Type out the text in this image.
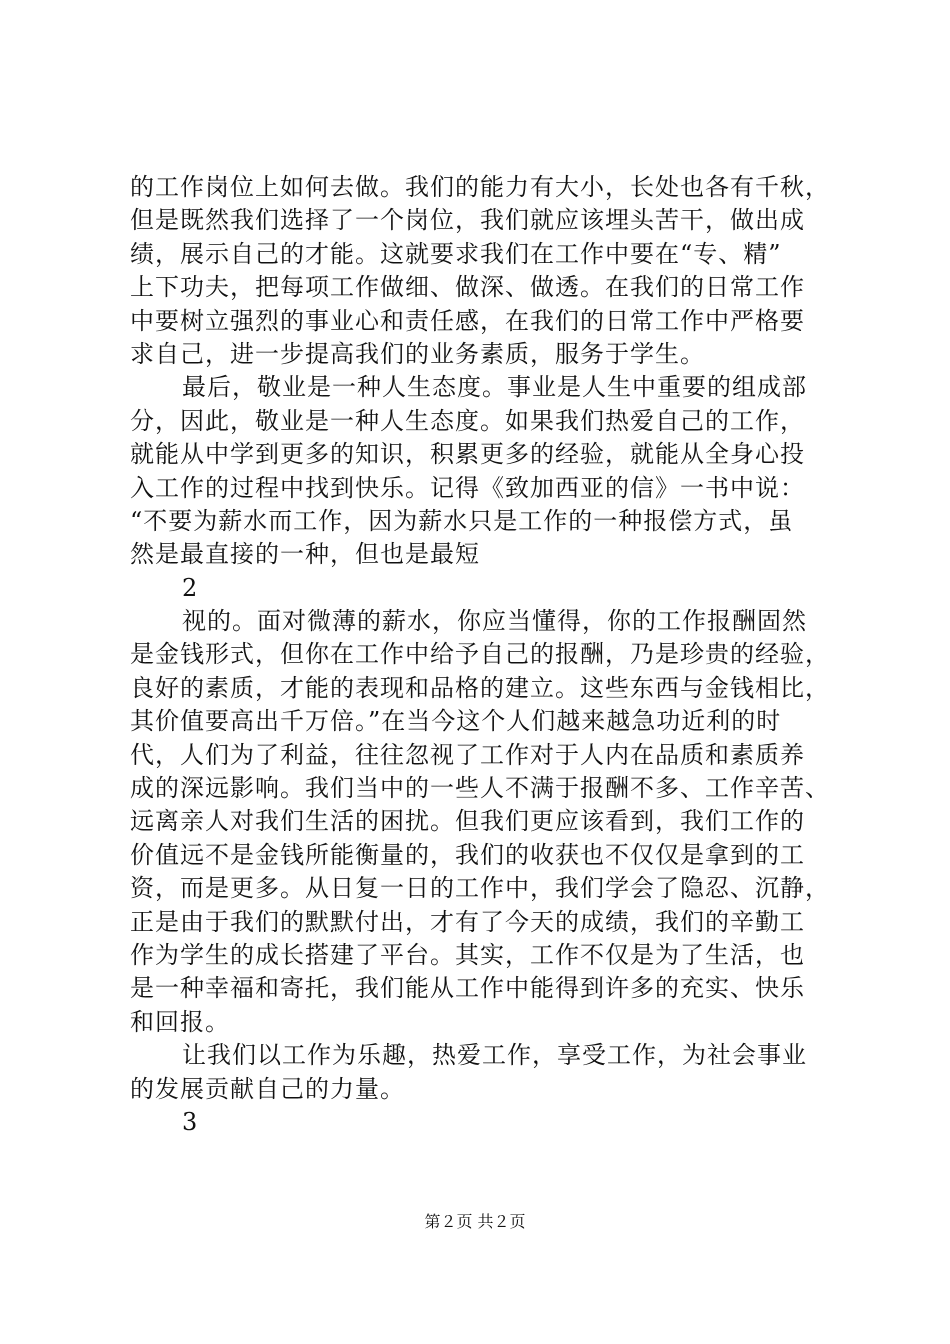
的工作岗位上如何去做。我们的能力有大小，长处也各有千秋，
但是既然我们选择了一个岗位，我们就应该埋头苦干，做出成
绩，展示自己的才能。这就要求我们在工作中要在“专、精”
上下功夫，把每项工作做细、做深、做透。在我们的日常工作
中要树立强烈的事业心和责任感，在我们的日常工作中严格要
求自己，进一步提高我们的业务素质，服务于学生。
最后，敬业是一种人生态度。事业是人生中重要的组成部
分，因此，敬业是一种人生态度。如果我们热爱自己的工作，
就能从中学到更多的知识，积累更多的经验，就能从全身心投
入工作的过程中找到快乐。记得《致加西亚的信》一书中说：
“不要为薪水而工作，因为薪水只是工作的一种报偿方式，虽
然是最直接的一种，但也是最短
2
视的。面对微薄的薪水，你应当懂得，你的工作报酬固然
是金钱形式，但你在工作中给予自己的报酬，乃是珍贵的经验，
良好的素质，才能的表现和品格的建立。这些东西与金钱相比，
其价值要高出千万倍。”在当今这个人们越来越急功近利的时
代，人们为了利益，往往忽视了工作对于人内在品质和素质养
成的深远影响。我们当中的一些人不满于报酬不多、工作辛苦、
远离亲人对我们生活的困扰。但我们更应该看到，我们工作的
价值远不是金钱所能衡量的，我们的收获也不仅仅是拿到的工
资，而是更多。从日复一日的工作中，我们学会了隐忍、沉静，
正是由于我们的默默付出，才有了今天的成绩，我们的辛勤工
作为学生的成长搭建了平台。其实，工作不仅是为了生活，也
是一种幸福和寄托，我们能从工作中能得到许多的充实、快乐
和回报。
让我们以工作为乐趣，热爱工作，享受工作，为社会事业
的发展贡献自己的力量。
3
第２页 共２页
